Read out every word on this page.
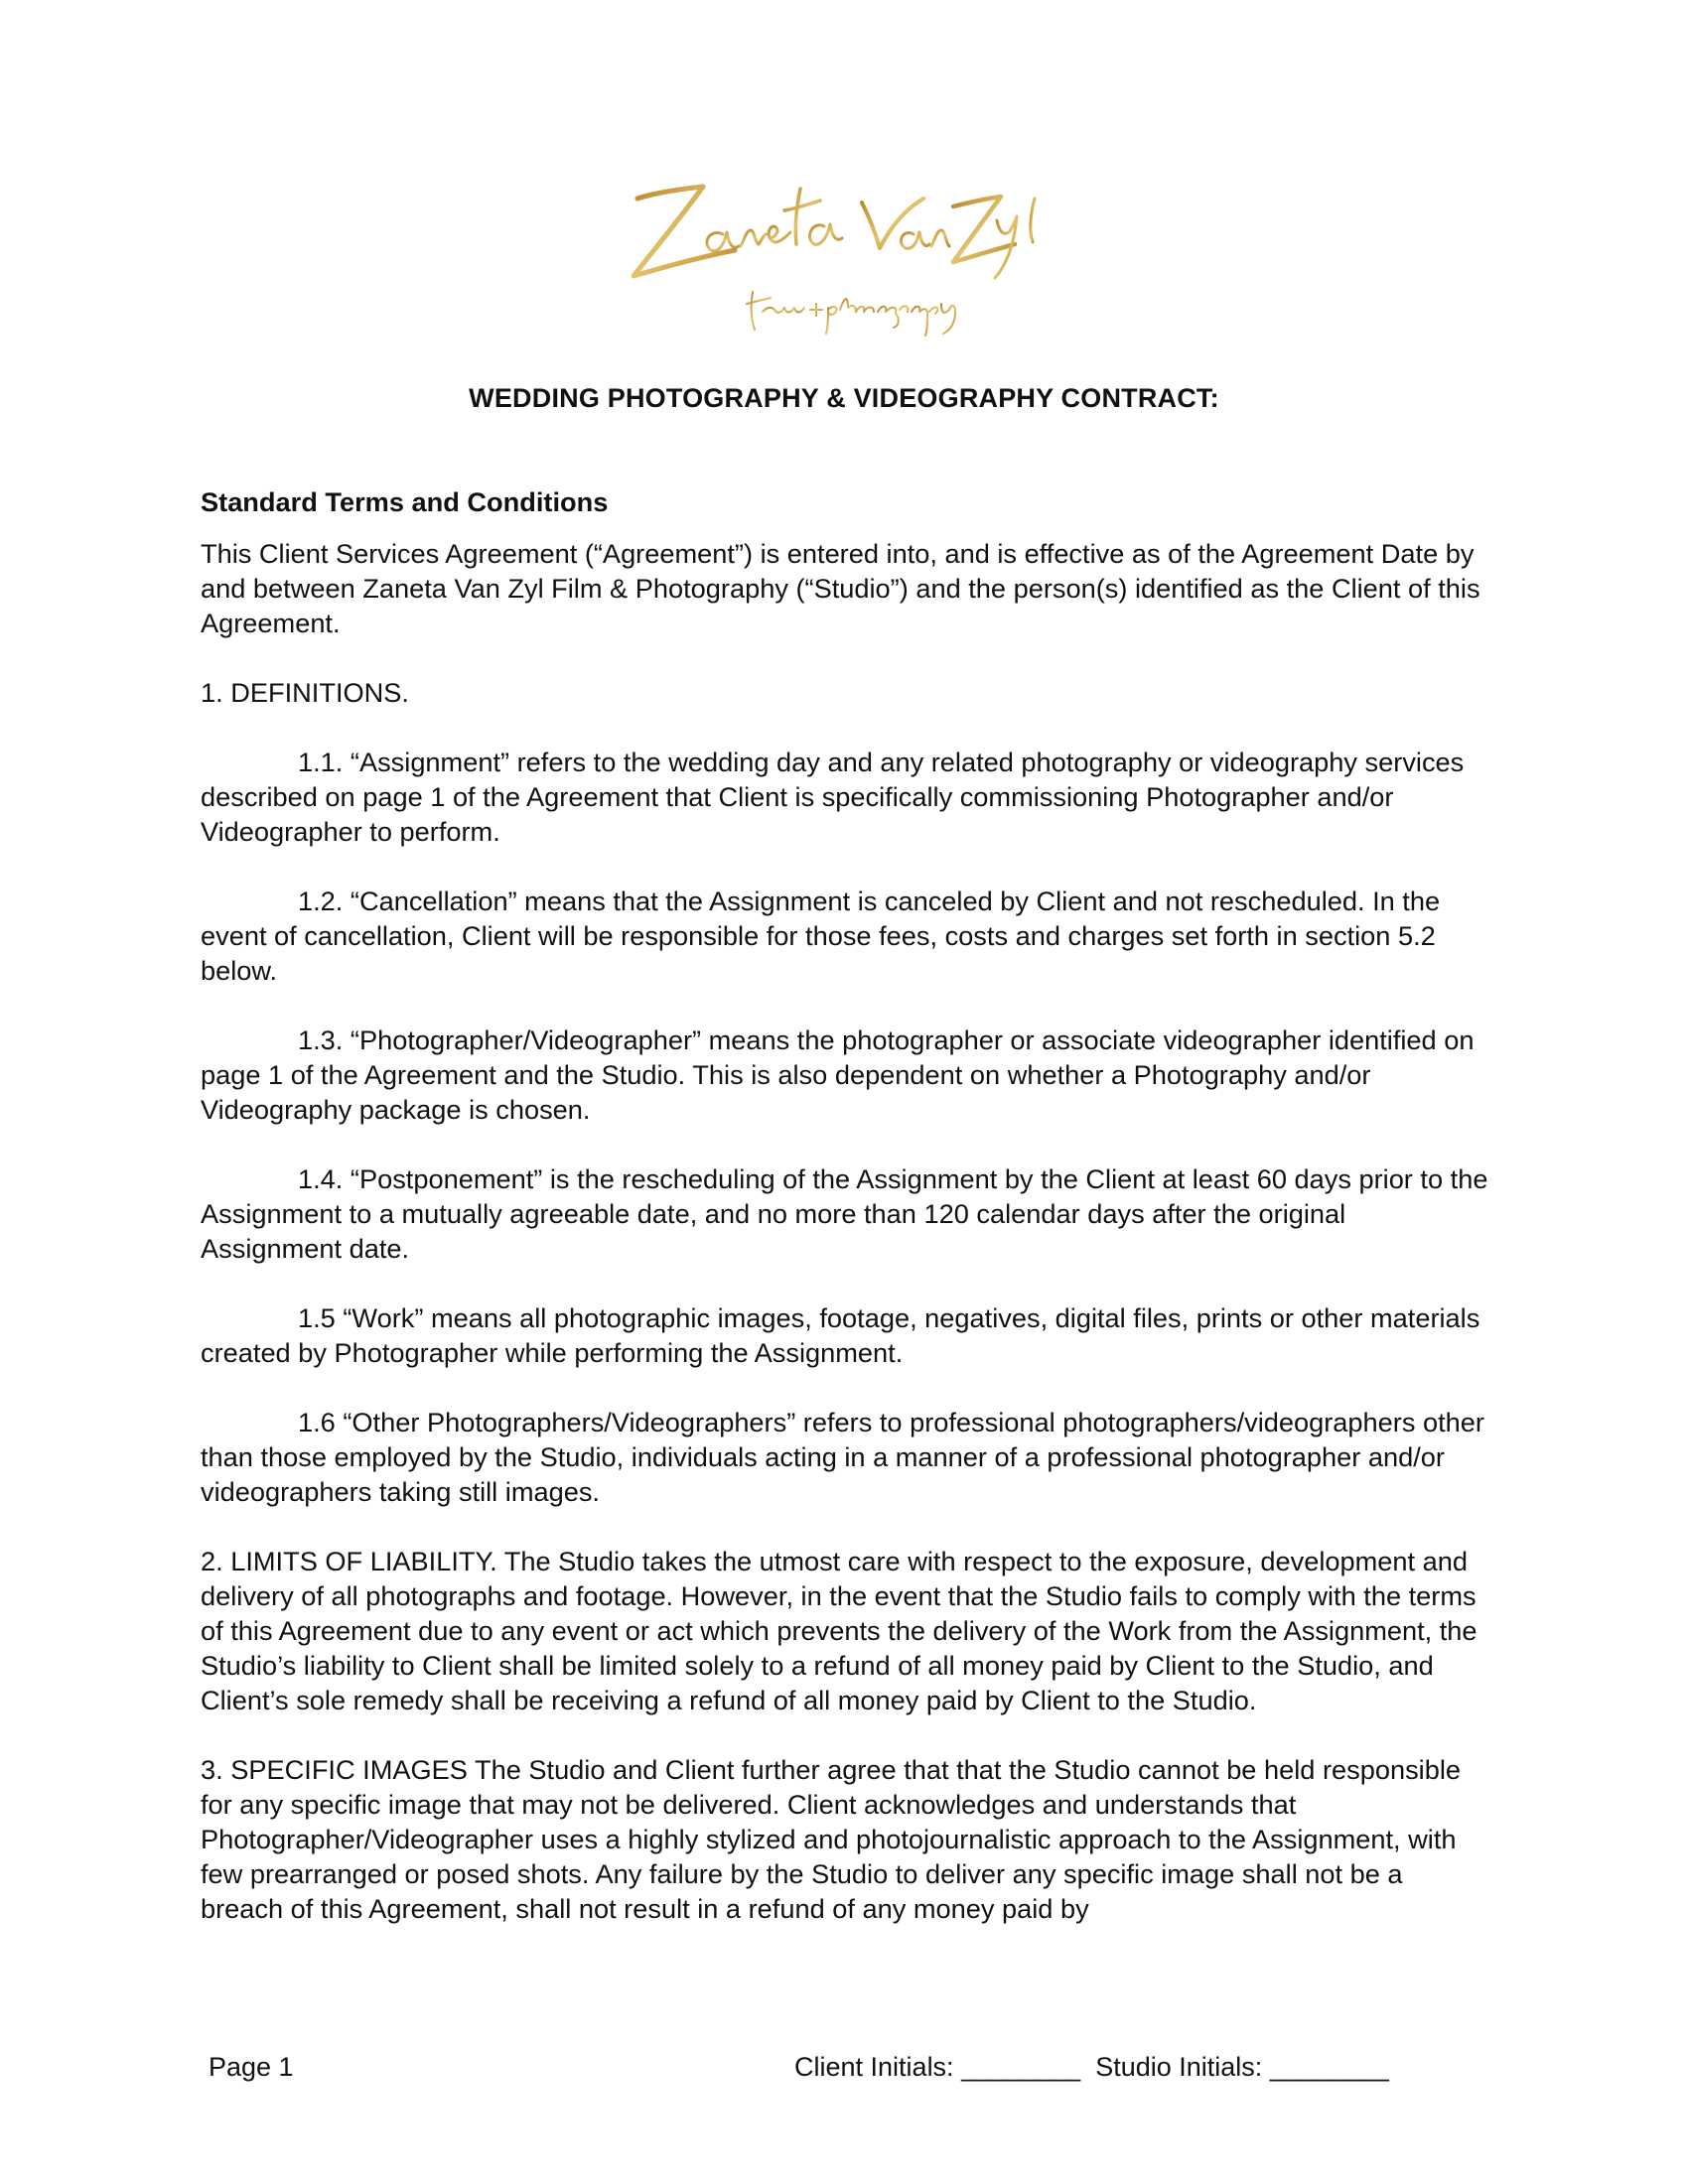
WEDDING PHOTOGRAPHY & VIDEOGRAPHY CONTRACT:

Standard Terms and Conditions

This Client Services Agreement (“Agreement”) is entered into, and is effective as of the Agreement Date by and between Zaneta Van Zyl Film & Photography (“Studio”) and the person(s) identified as the Client of this Agreement.

1. DEFINITIONS.

1.1. “Assignment” refers to the wedding day and any related photography or videography services described on page 1 of the Agreement that Client is specifically commissioning Photographer and/or Videographer to perform.

1.2. “Cancellation” means that the Assignment is canceled by Client and not rescheduled. In the event of cancellation, Client will be responsible for those fees, costs and charges set forth in section 5.2 below.

1.3. “Photographer/Videographer” means the photographer or associate videographer identified on page 1 of the Agreement and the Studio. This is also dependent on whether a Photography and/or Videography package is chosen.

1.4. “Postponement” is the rescheduling of the Assignment by the Client at least 60 days prior to the Assignment to a mutually agreeable date, and no more than 120 calendar days after the original Assignment date.

1.5 “Work” means all photographic images, footage, negatives, digital files, prints or other materials created by Photographer while performing the Assignment.

1.6 “Other Photographers/Videographers” refers to professional photographers/videographers other than those employed by the Studio, individuals acting in a manner of a professional photographer and/or videographers taking still images.

2. LIMITS OF LIABILITY. The Studio takes the utmost care with respect to the exposure, development and delivery of all photographs and footage. However, in the event that the Studio fails to comply with the terms of this Agreement due to any event or act which prevents the delivery of the Work from the Assignment, the Studio’s liability to Client shall be limited solely to a refund of all money paid by Client to the Studio, and Client’s sole remedy shall be receiving a refund of all money paid by Client to the Studio.

3. SPECIFIC IMAGES The Studio and Client further agree that that the Studio cannot be held responsible for any specific image that may not be delivered. Client acknowledges and understands that Photographer/Videographer uses a highly stylized and photojournalistic approach to the Assignment, with few prearranged or posed shots. Any failure by the Studio to deliver any specific image shall not be a breach of this Agreement, shall not result in a refund of any money paid by

Page 1	Client Initials: ________  Studio Initials: ________
